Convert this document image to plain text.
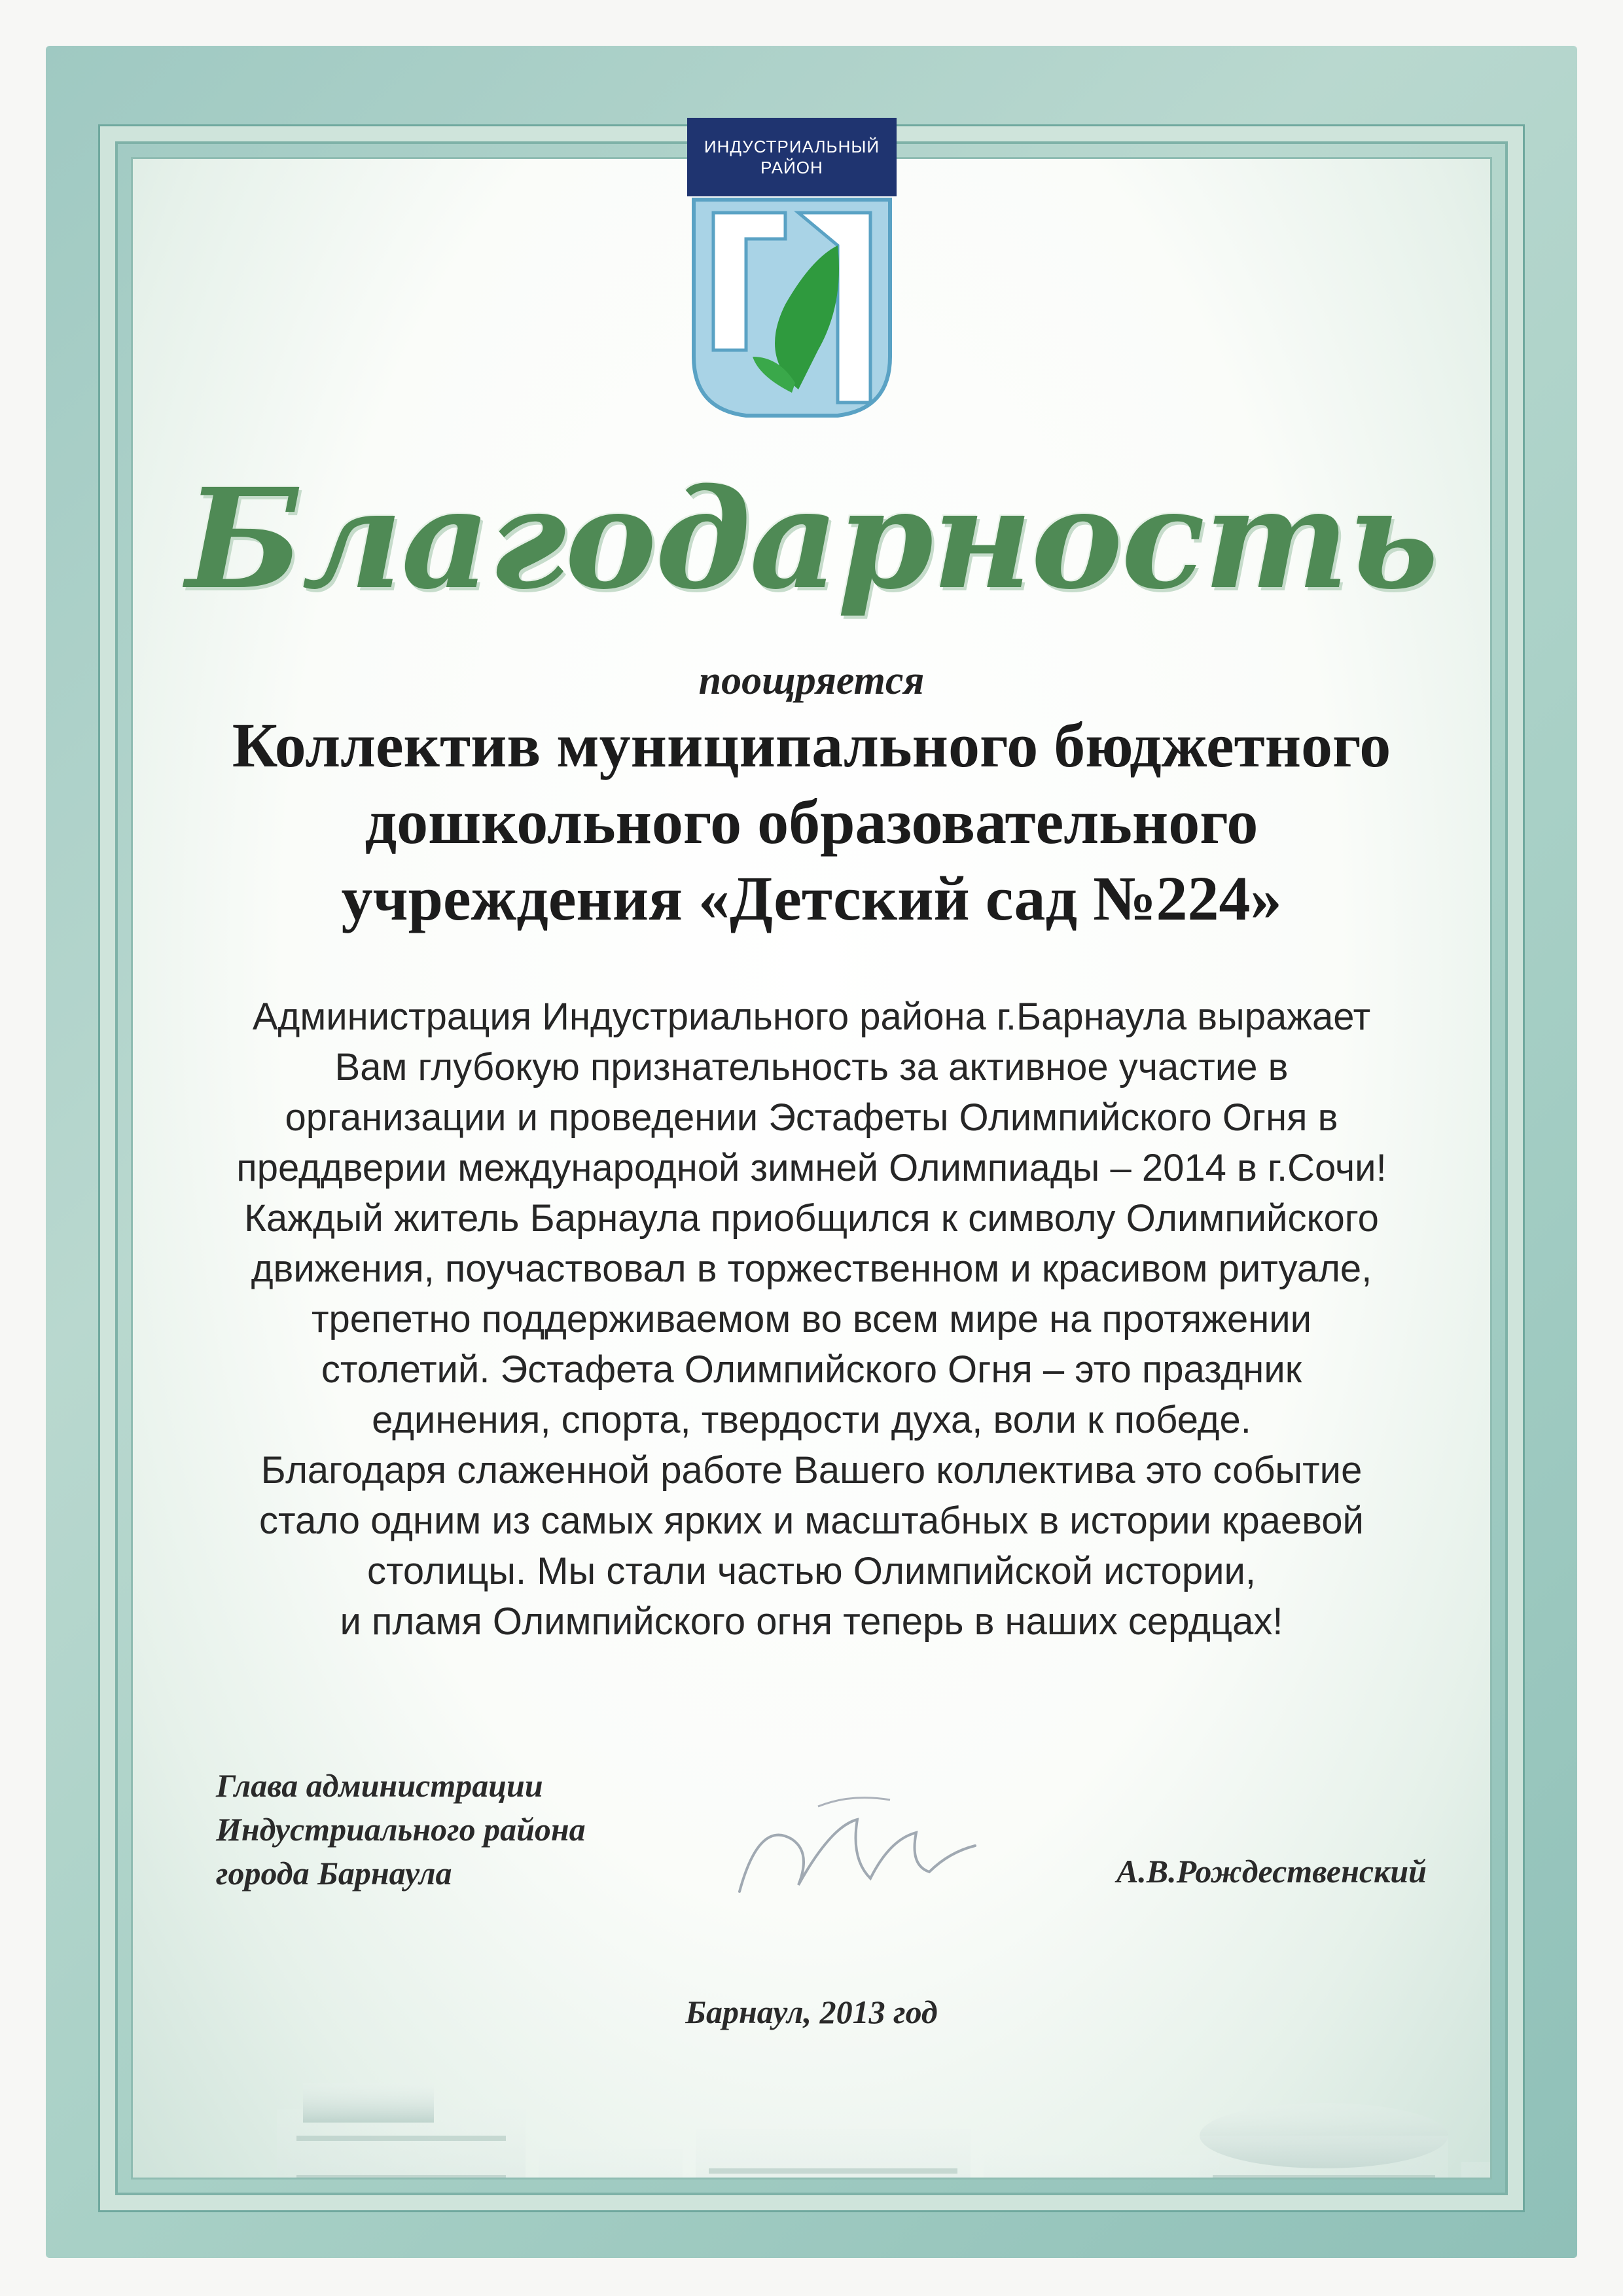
ИНДУСТРИАЛЬНЫЙ
РАЙОН
Благодарность
поощряется
Коллектив муниципального бюджетного
дошкольного образовательного
учреждения «Детский сад №224»

Администрация Индустриального района г.Барнаула выражает

Вам глубокую признательность за активное участие в

организации и проведении Эстафеты Олимпийского Огня в

преддверии международной зимней Олимпиады – 2014 в г.Сочи!

Каждый житель Барнаула приобщился к символу Олимпийского

движения, поучаствовал в торжественном и красивом ритуале,

трепетно поддерживаемом во всем мире на протяжении

столетий. Эстафета Олимпийского Огня – это праздник

единения, спорта, твердости духа, воли к победе.

Благодаря слаженной работе Вашего коллектива это событие

стало одним из самых ярких и масштабных в истории краевой

столицы. Мы стали частью Олимпийской истории,

и пламя Олимпийского огня теперь в наших сердцах!

Глава администрации
Индустриального района
города Барнаула	А.В.Рождественский
Барнаул, 2013 год
